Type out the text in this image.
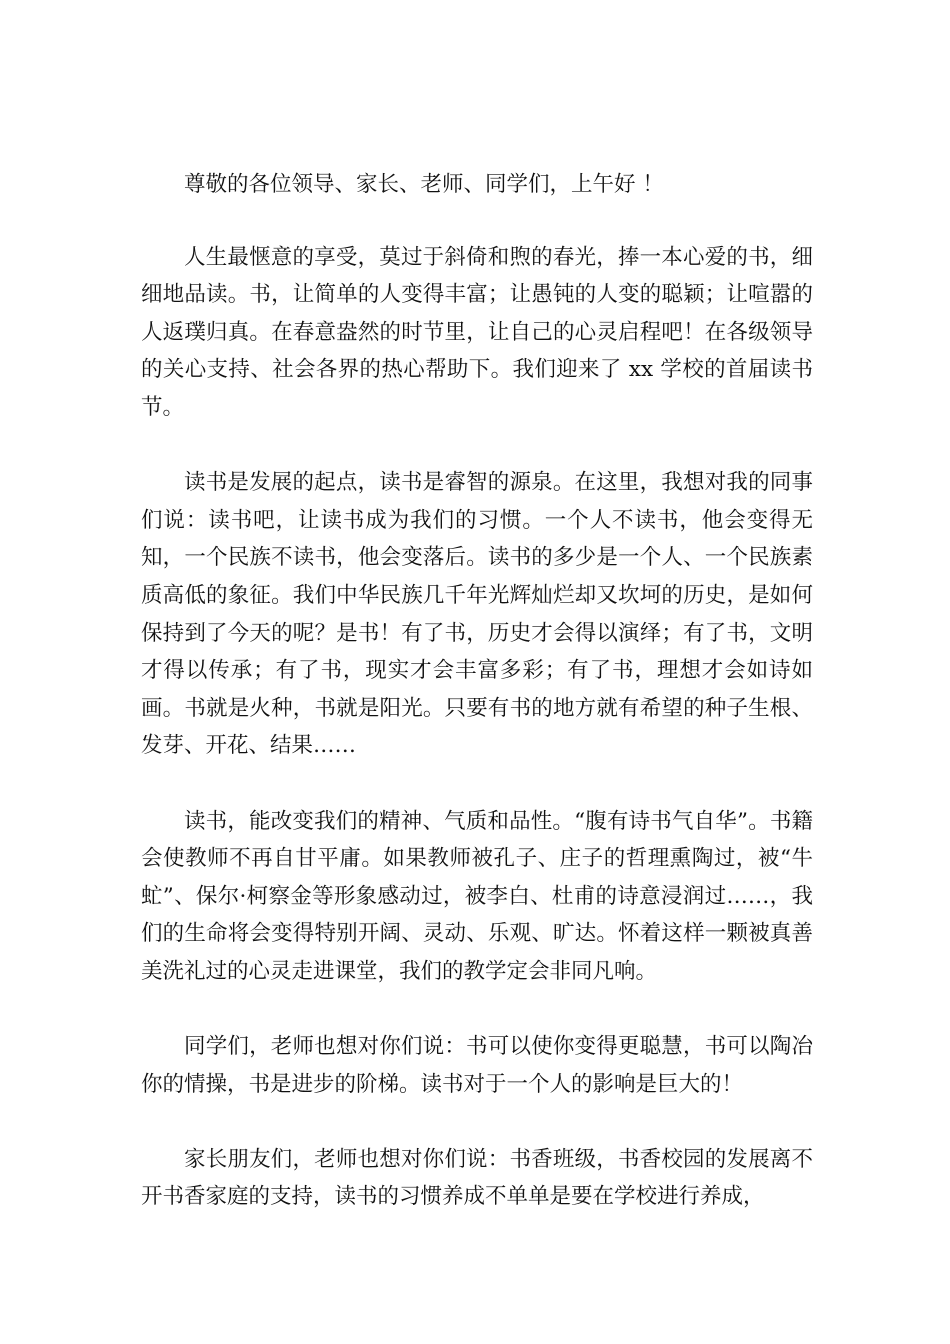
尊敬的各位领导、家长、老师、同学们，上午好 ！

人生最惬意的享受，莫过于斜倚和煦的春光，捧一本心爱的书，细细地品读。书，让简单的人变得丰富；让愚钝的人变的聪颖；让喧嚣的人返璞归真。在春意盎然的时节里，让自己的心灵启程吧！在各级领导的关心支持、社会各界的热心帮助下。我们迎来了 xx 学校的首届读书节。

读书是发展的起点，读书是睿智的源泉。在这里，我想对我的同事们说：读书吧，让读书成为我们的习惯。一个人不读书，他会变得无知，一个民族不读书，他会变落后。读书的多少是一个人、一个民族素质高低的象征。我们中华民族几千年光辉灿烂却又坎坷的历史，是如何保持到了今天的呢？是书！有了书，历史才会得以演绎；有了书，文明才得以传承；有了书，现实才会丰富多彩；有了书，理想才会如诗如画。书就是火种，书就是阳光。只要有书的地方就有希望的种子生根、发芽、开花、结果……

读书，能改变我们的精神、气质和品性。“腹有诗书气自华”。书籍会使教师不再自甘平庸。如果教师被孔子、庄子的哲理熏陶过，被“牛虻”、保尔·柯察金等形象感动过，被李白、杜甫的诗意浸润过……，我们的生命将会变得特别开阔、灵动、乐观、旷达。怀着这样一颗被真善美洗礼过的心灵走进课堂，我们的教学定会非同凡响。

同学们，老师也想对你们说：书可以使你变得更聪慧，书可以陶冶你的情操，书是进步的阶梯。读书对于一个人的影响是巨大的！

家长朋友们，老师也想对你们说：书香班级，书香校园的发展离不开书香家庭的支持，读书的习惯养成不单单是要在学校进行养成，
